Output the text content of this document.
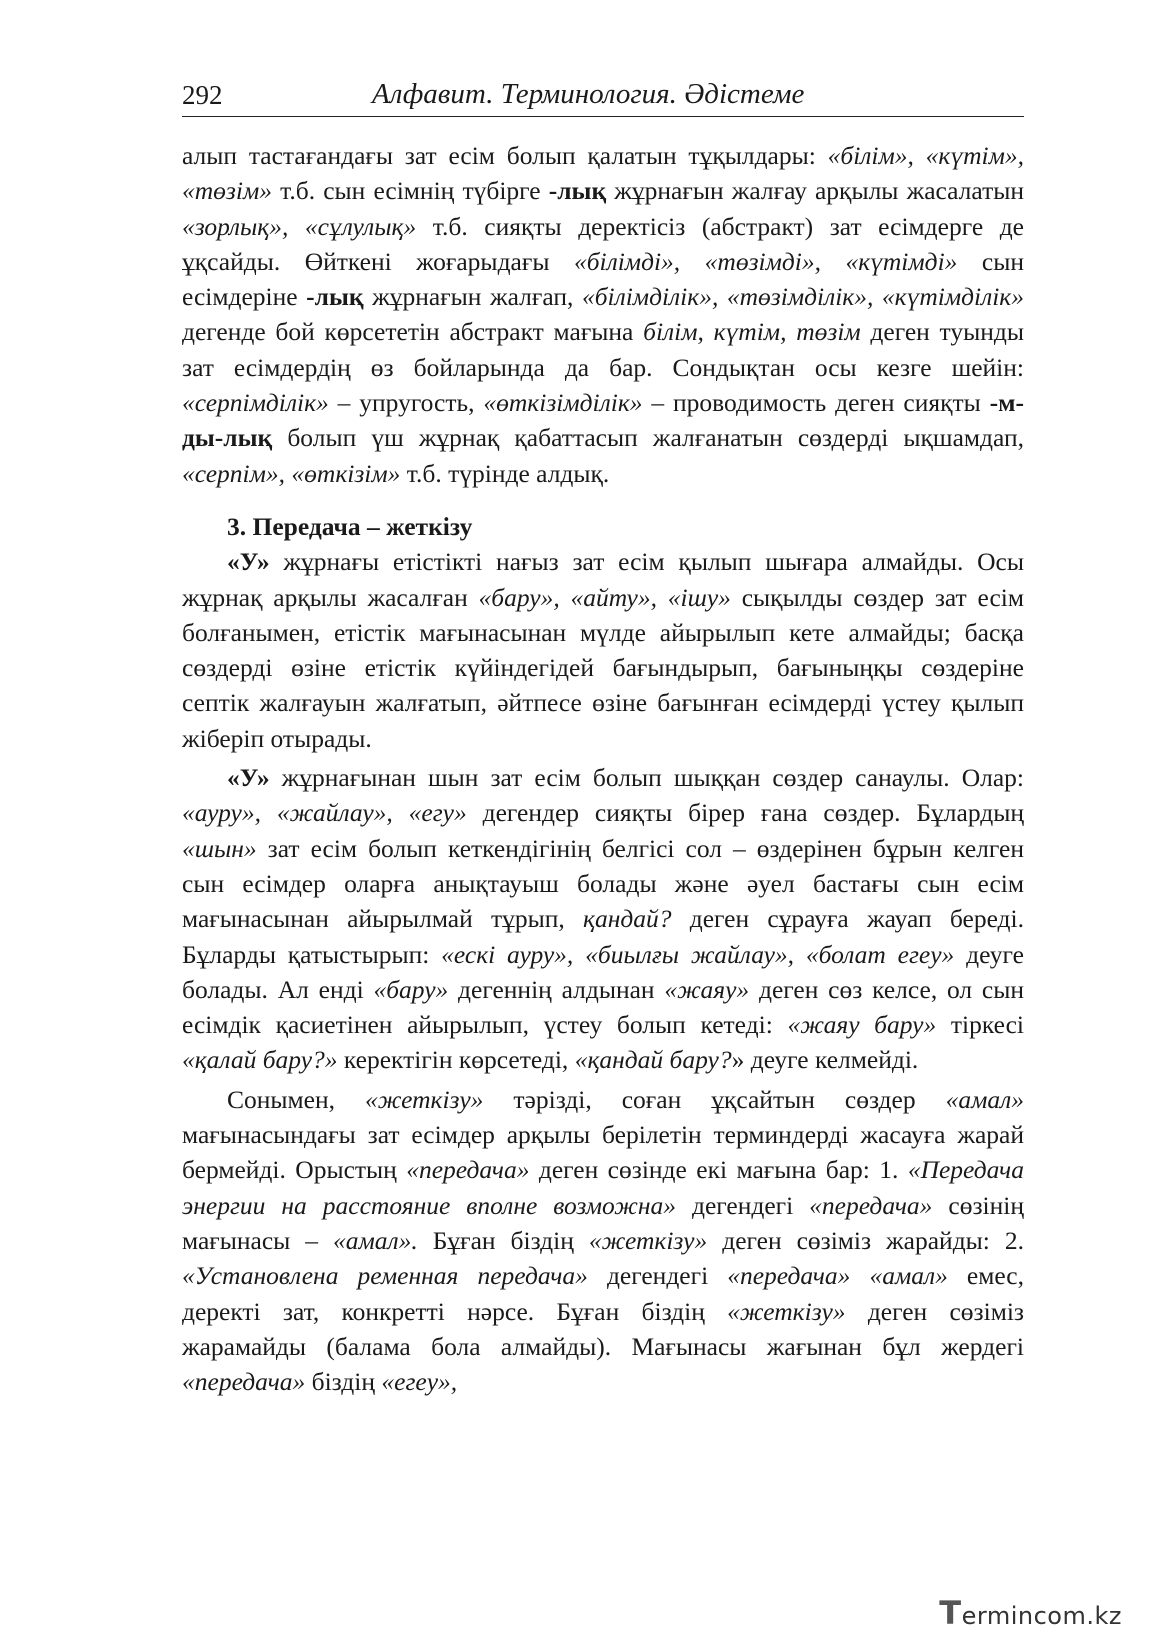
292	Алфавит. Терминология. Әдістеме

алып тастағандағы зат есім болып қалатын тұқылдары: «білім», «күтім», «төзім» т.б. сын есімнің түбірге -лық жұрнағын жалғау арқылы жасалатын «зорлық», «сұлулық» т.б. сияқты деректісіз (абстракт) зат есімдерге де ұқсайды. Өйткені жоғарыдағы «білімді», «төзімді», «күтімді» сын есімдеріне -лық жұрнағын жалғап, «білімділік», «төзімділік», «күтімділік» дегенде бой көрсететін абстракт мағына білім, күтім, төзім деген туынды зат есімдердің өз бойларында да бар. Сондықтан осы кезге шейін: «серпімділік» – упругость, «өткізімділік» – проводимость деген сияқты -м-ды-лық болып үш жұрнақ қабаттасып жалғанатын сөздерді ықшамдап, «серпім», «өткізім» т.б. түрінде алдық.

3. Передача – жеткізу

«У» жұрнағы етістікті нағыз зат есім қылып шығара алмайды. Осы жұрнақ арқылы жасалған «бару», «айту», «ішу» сықылды сөздер зат есім болғанымен, етістік мағынасынан мүлде айырылып кете алмайды; басқа сөздерді өзіне етістік күйіндегідей бағындырып, бағыныңқы сөздеріне септік жалғауын жалғатып, әйтпесе өзіне бағынған есімдерді үстеу қылып жіберіп отырады.

«У» жұрнағынан шын зат есім болып шыққан сөздер санаулы. Олар: «ауру», «жайлау», «егу» дегендер сияқты бірер ғана сөздер. Бұлардың «шын» зат есім болып кеткендігінің белгісі сол – өздерінен бұрын келген сын есімдер оларға анықтауыш болады және әуел бастағы сын есім мағынасынан айырылмай тұрып, қандай? деген сұрауға жауап береді. Бұларды қатыстырып: «ескі ауру», «биылғы жайлау», «болат егеу» деуге болады. Ал енді «бару» дегеннің алдынан «жаяу» деген сөз келсе, ол сын есімдік қасиетінен айырылып, үстеу болып кетеді: «жаяу бару» тіркесі «қалай бару?» керектігін көрсетеді, «қандай бару?» деуге келмейді.

Сонымен, «жеткізу» тәрізді, соған ұқсайтын сөздер «амал» мағынасындағы зат есімдер арқылы берілетін терминдерді жасауға жарай бермейді. Орыстың «передача» деген сөзінде екі мағына бар: 1. «Передача энергии на расстояние вполне возможна» дегендегі «передача» сөзінің мағынасы – «амал». Бұған біздің «жеткізу» деген сөзіміз жарайды: 2. «Установлена ременная передача» дегендегі «передача» «амал» емес, деректі зат, конкретті нәрсе. Бұған біздің «жеткізу» деген сөзіміз жарамайды (балама бола алмайды). Мағынасы жағынан бұл жердегі «передача» біздің «егеу»,

Termincom.kz
